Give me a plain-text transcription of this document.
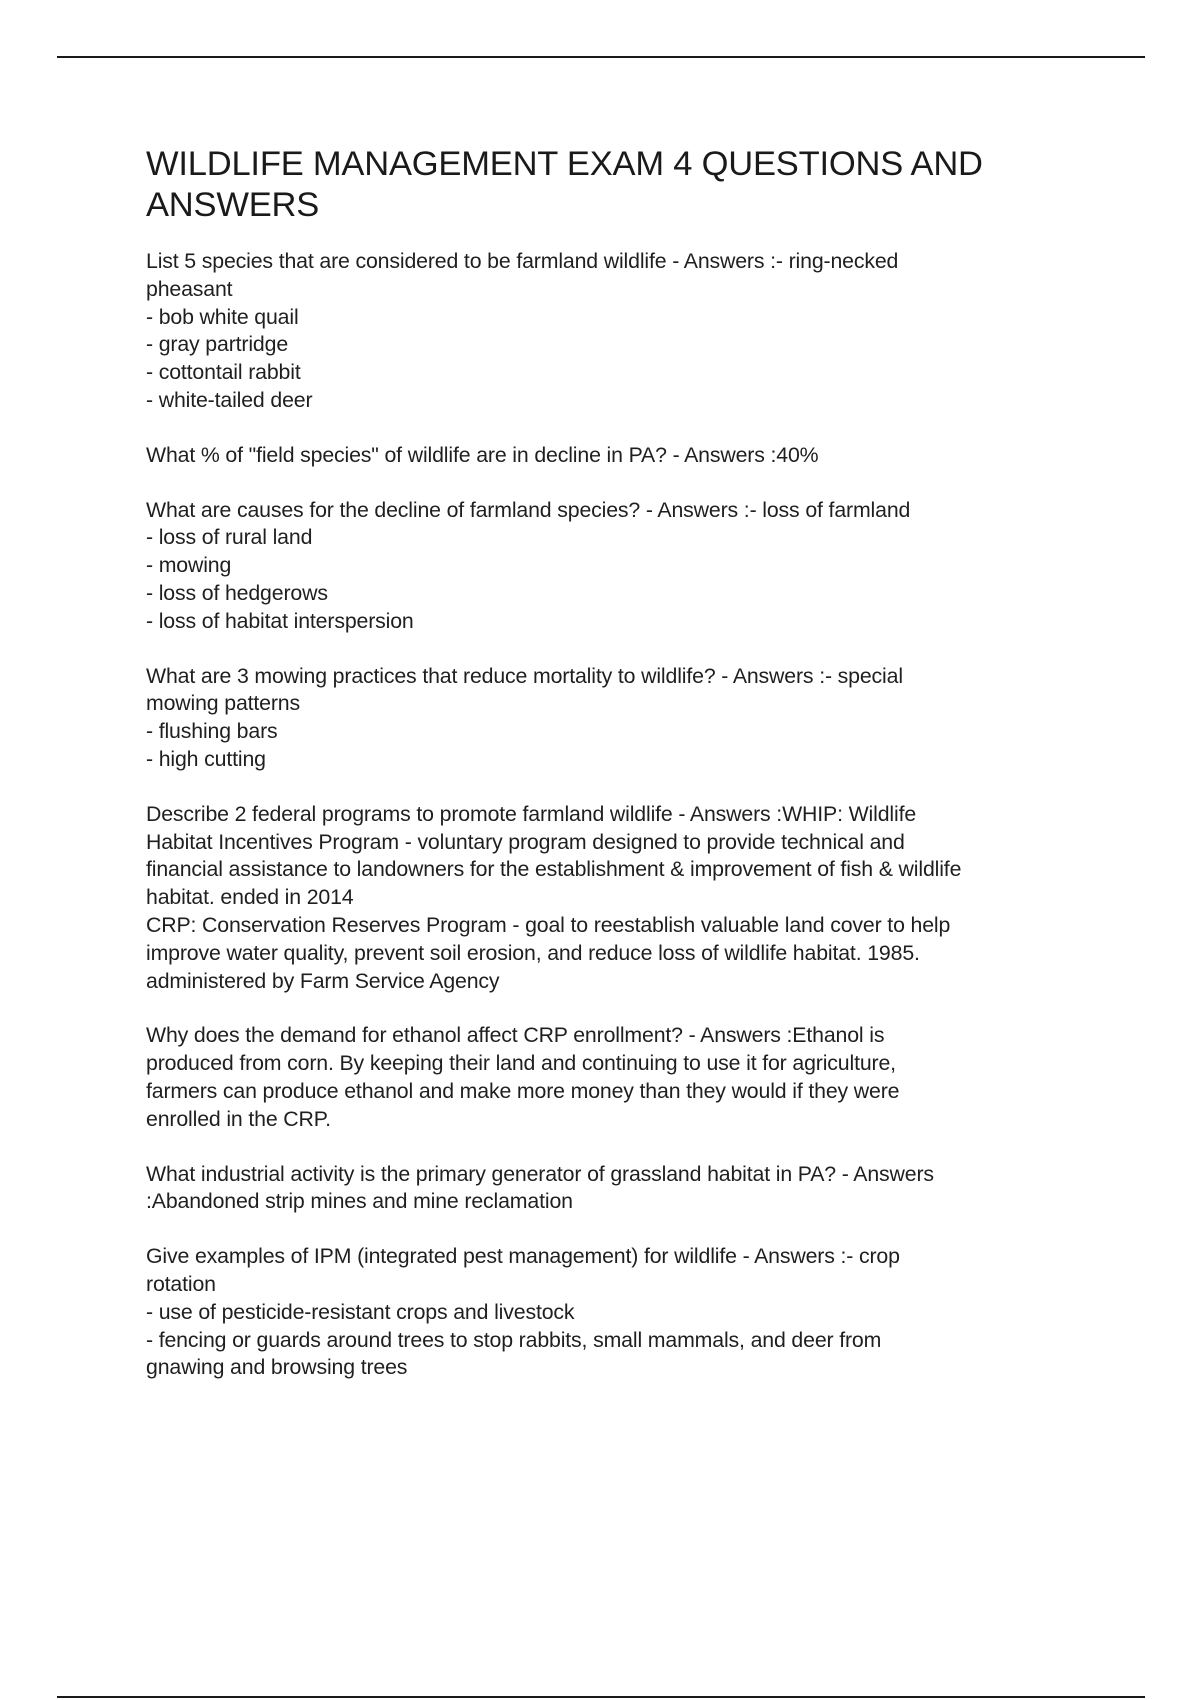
WILDLIFE MANAGEMENT EXAM 4 QUESTIONS AND ANSWERS
List 5 species that are considered to be farmland wildlife - Answers :- ring-necked
pheasant
- bob white quail
- gray partridge
- cottontail rabbit
- white-tailed deer
What % of "field species" of wildlife are in decline in PA? - Answers :40%
What are causes for the decline of farmland species? - Answers :- loss of farmland
- loss of rural land
- mowing
- loss of hedgerows
- loss of habitat interspersion
What are 3 mowing practices that reduce mortality to wildlife? - Answers :- special
mowing patterns
- flushing bars
- high cutting
Describe 2 federal programs to promote farmland wildlife - Answers :WHIP: Wildlife
Habitat Incentives Program - voluntary program designed to provide technical and
financial assistance to landowners for the establishment & improvement of fish & wildlife
habitat. ended in 2014
CRP: Conservation Reserves Program - goal to reestablish valuable land cover to help
improve water quality, prevent soil erosion, and reduce loss of wildlife habitat. 1985.
administered by Farm Service Agency
Why does the demand for ethanol affect CRP enrollment? - Answers :Ethanol is
produced from corn. By keeping their land and continuing to use it for agriculture,
farmers can produce ethanol and make more money than they would if they were
enrolled in the CRP.
What industrial activity is the primary generator of grassland habitat in PA? - Answers
:Abandoned strip mines and mine reclamation
Give examples of IPM (integrated pest management) for wildlife - Answers :- crop
rotation
- use of pesticide-resistant crops and livestock
- fencing or guards around trees to stop rabbits, small mammals, and deer from
gnawing and browsing trees
